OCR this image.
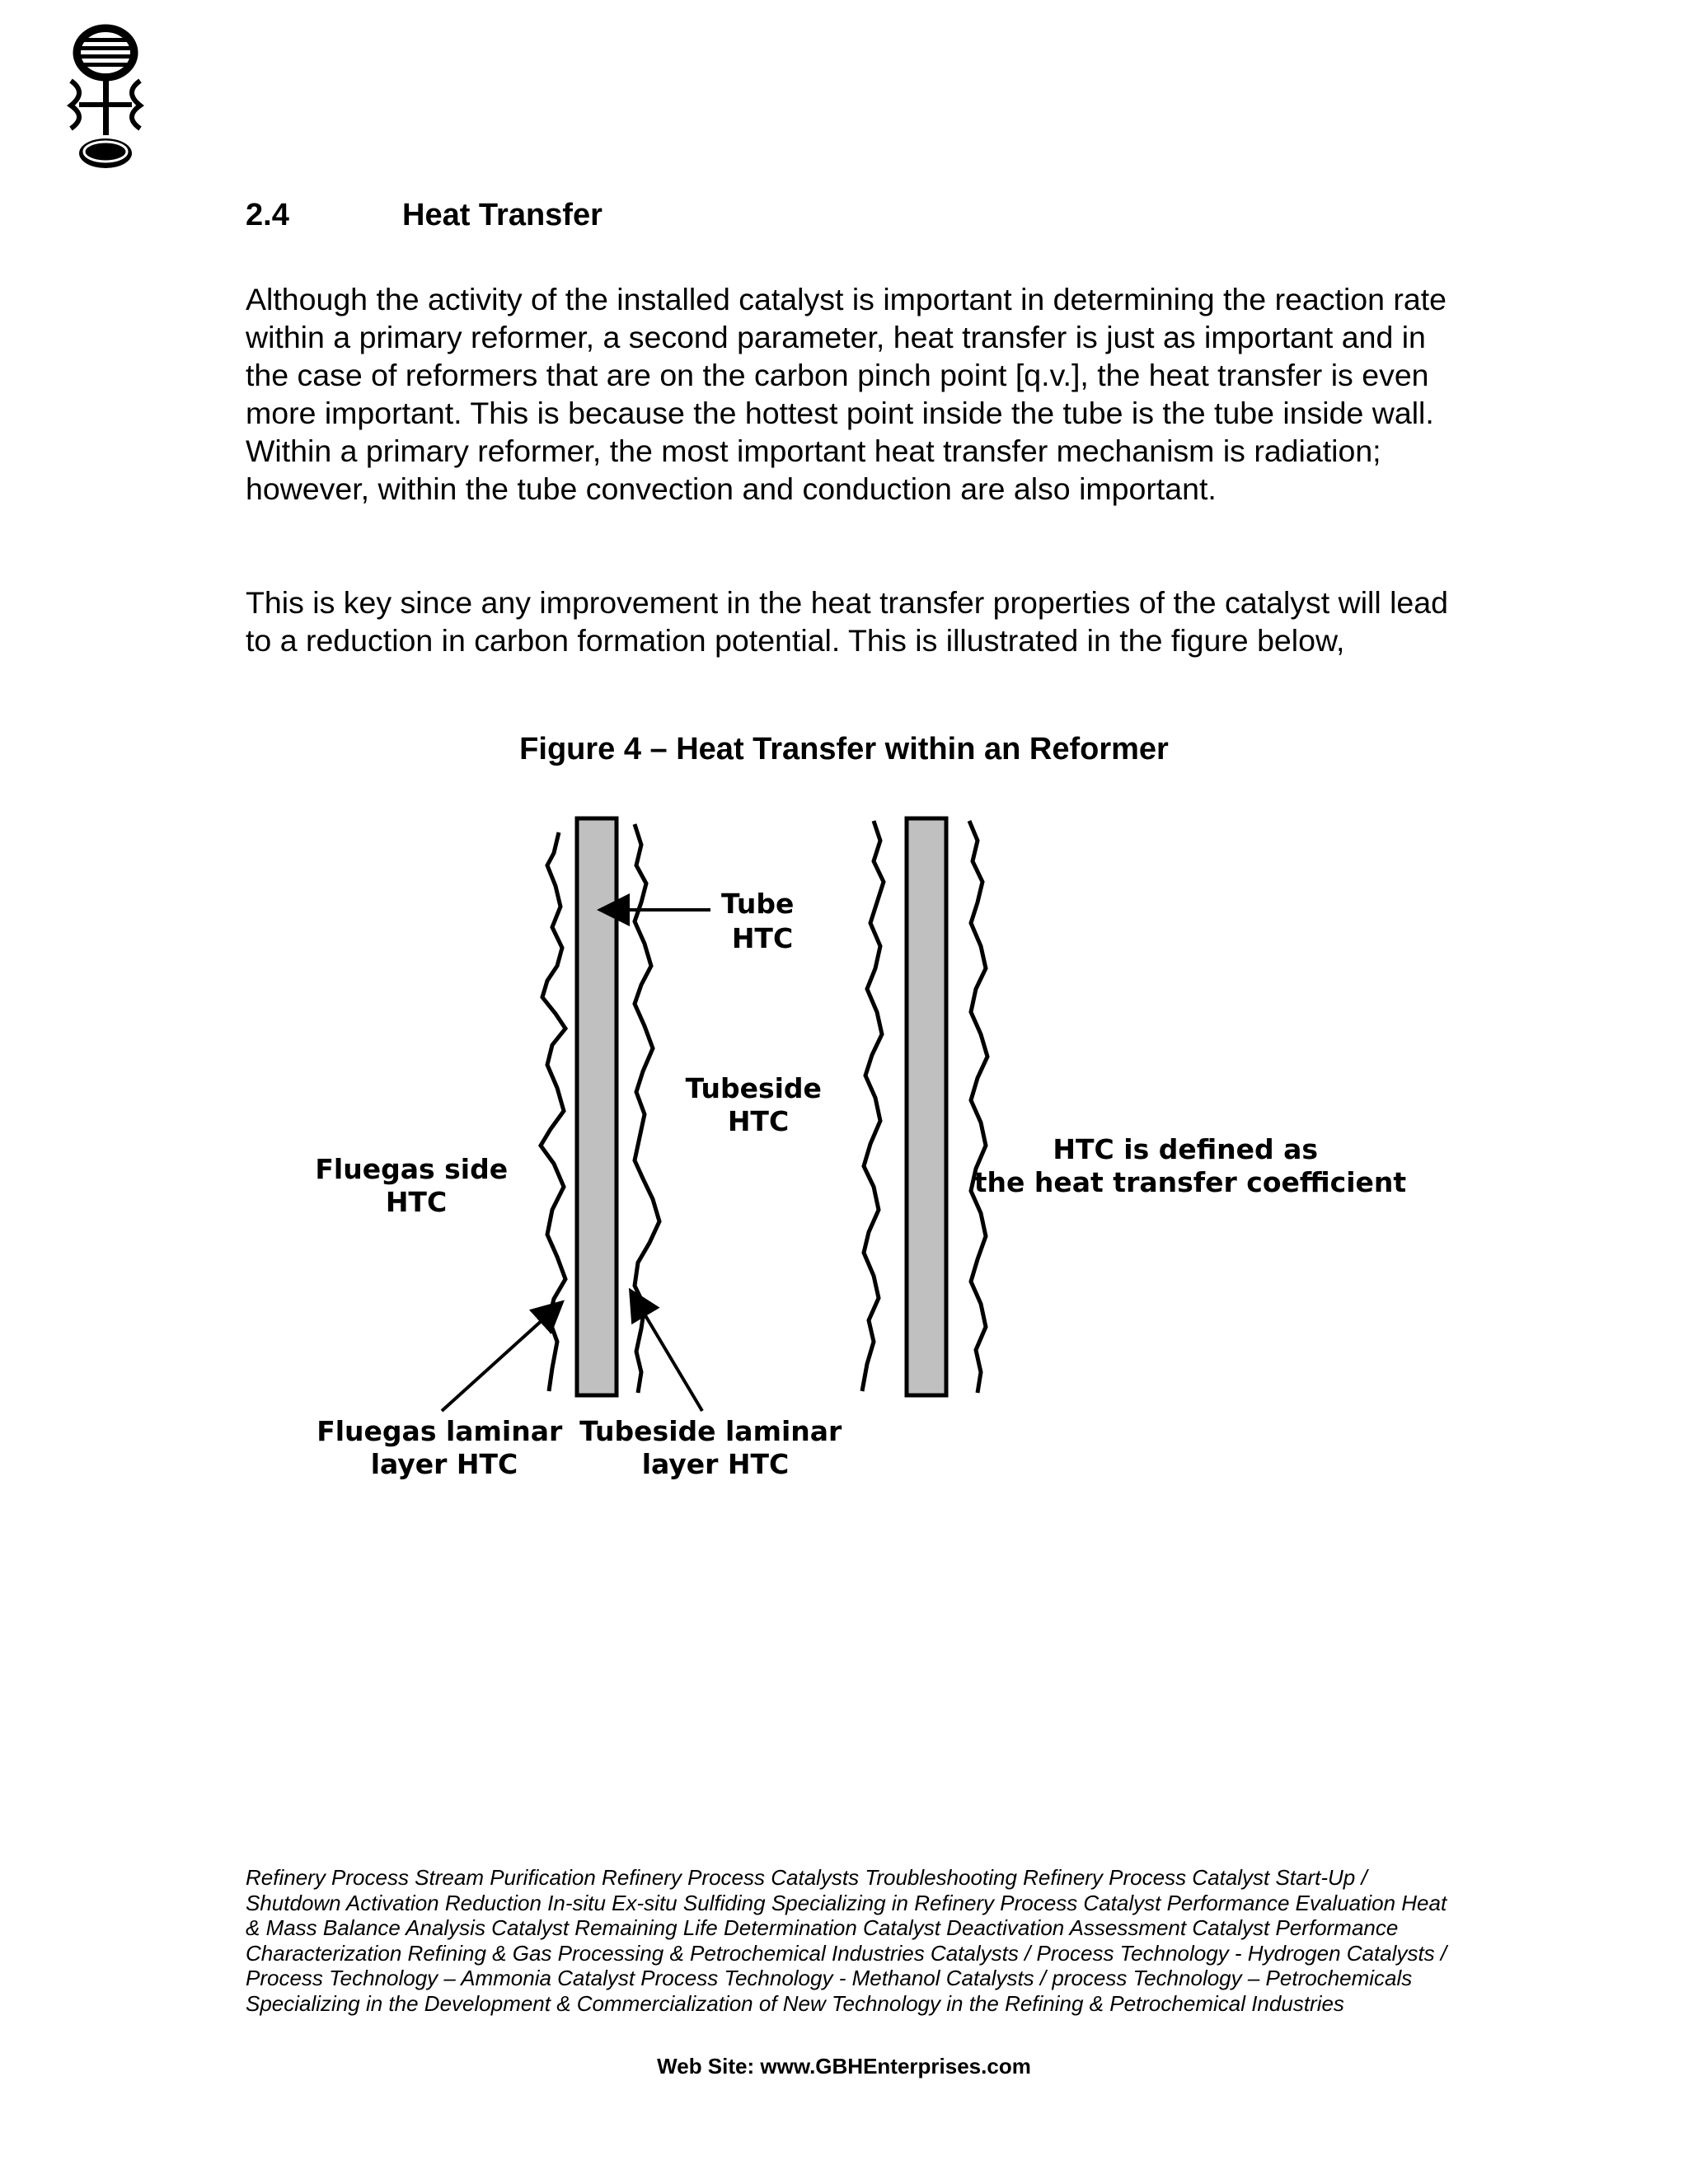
2.4	Heat Transfer

Although the activity of the installed catalyst is important in determining the reaction rate within a primary reformer, a second parameter, heat transfer is just as important and in the case of reformers that are on the carbon pinch point [q.v.], the heat transfer is even more important. This is because the hottest point inside the tube is the tube inside wall. Within a primary reformer, the most important heat transfer mechanism is radiation; however, within the tube convection and conduction are also important.

This is key since any improvement in the heat transfer properties of the catalyst will lead to a reduction in carbon formation potential. This is illustrated in the figure below,

Figure 4 – Heat Transfer within an Reformer
Tube HTC
Tubeside HTC
Fluegas side HTC
HTC is defined as the heat transfer coefficient
Fluegas laminar layer HTC
Tubeside laminar layer HTC

Refinery Process Stream Purification Refinery Process Catalysts Troubleshooting Refinery Process Catalyst Start-Up / Shutdown Activation Reduction In-situ Ex-situ Sulfiding Specializing in Refinery Process Catalyst Performance Evaluation Heat & Mass Balance Analysis Catalyst Remaining Life Determination Catalyst Deactivation Assessment Catalyst Performance Characterization Refining & Gas Processing & Petrochemical Industries Catalysts / Process Technology - Hydrogen Catalysts / Process Technology – Ammonia Catalyst Process Technology - Methanol Catalysts / process Technology – Petrochemicals Specializing in the Development & Commercialization of New Technology in the Refining & Petrochemical Industries

Web Site: www.GBHEnterprises.com
